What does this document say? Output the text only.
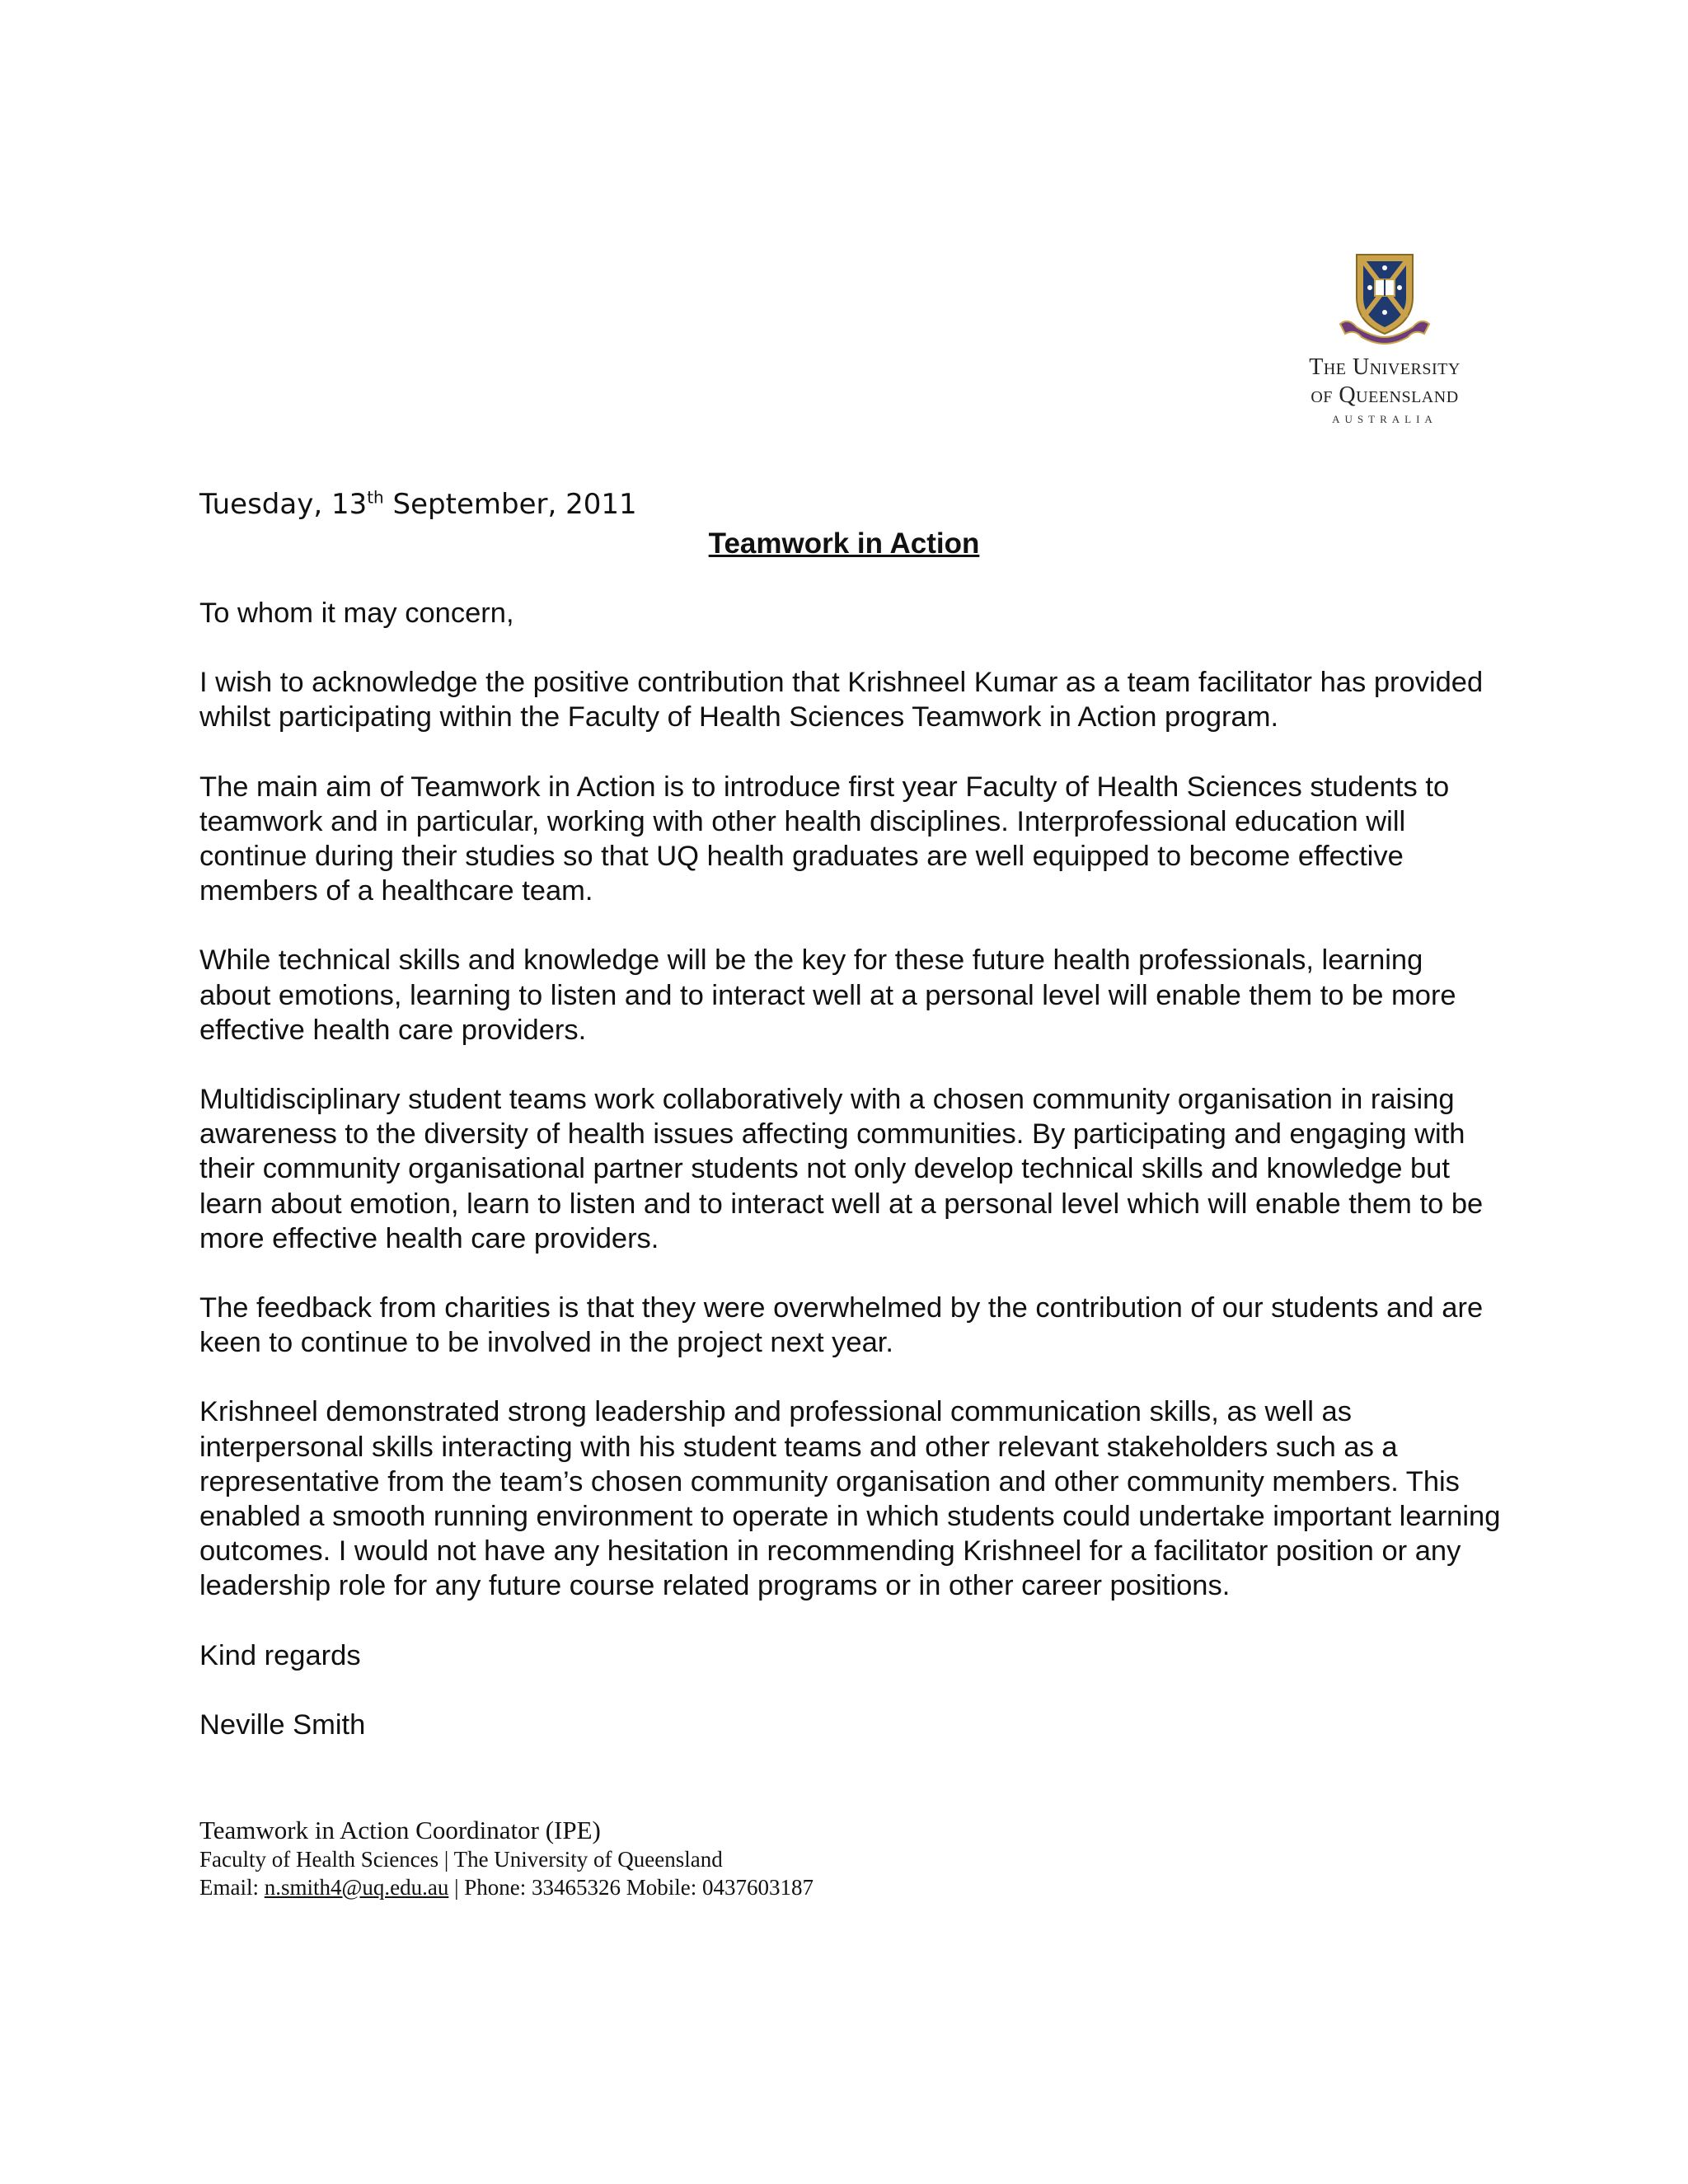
The University
of Queensland
AUSTRALIA
Tuesday, 13th September, 2011
Teamwork in Action

To whom it may concern,

I wish to acknowledge the positive contribution that Krishneel Kumar as a team facilitator has provided whilst participating within the Faculty of Health Sciences Teamwork in Action program.

The main aim of Teamwork in Action is to introduce first year Faculty of Health Sciences students to teamwork and in particular, working with other health disciplines. Interprofessional education will continue during their studies so that UQ health graduates are well equipped to become effective members of a healthcare team.

While technical skills and knowledge will be the key for these future health professionals, learning about emotions, learning to listen and to interact well at a personal level will enable them to be more effective health care providers.

Multidisciplinary student teams work collaboratively with a chosen community organisation in raising awareness to the diversity of health issues affecting communities. By participating and engaging with their community organisational partner students not only develop technical skills and knowledge but learn about emotion, learn to listen and to interact well at a personal level which will enable them to be more effective health care providers.

The feedback from charities is that they were overwhelmed by the contribution of our students and are keen to continue to be involved in the project next year.

Krishneel demonstrated strong leadership and professional communication skills, as well as interpersonal skills interacting with his student teams and other relevant stakeholders such as a representative from the team’s chosen community organisation and other community members. This enabled a smooth running environment to operate in which students could undertake important learning outcomes. I would not have any hesitation in recommending Krishneel for a facilitator position or any leadership role for any future course related programs or in other career positions.

Kind regards

Neville Smith

Teamwork in Action Coordinator (IPE)
Faculty of Health Sciences | The University of Queensland
Email: n.smith4@uq.edu.au | Phone: 33465326 Mobile: 0437603187
